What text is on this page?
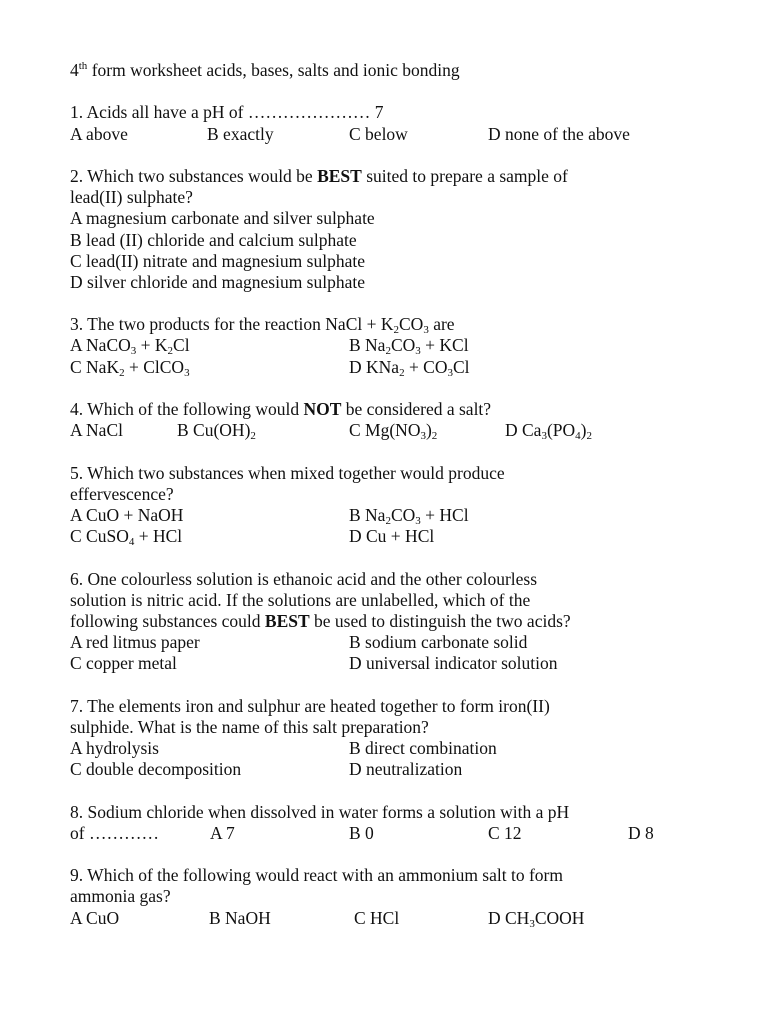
4th form worksheet acids, bases, salts and ionic bonding
1. Acids all have a pH of ………………… 7
A above	B exactly	C below	D none of the above
2. Which two substances would be BEST suited to prepare a sample of
lead(II) sulphate?
A magnesium carbonate and silver sulphate
B lead (II) chloride and calcium sulphate
C lead(II) nitrate and magnesium sulphate
D silver chloride and magnesium sulphate
3. The two products for the reaction NaCl + $K_2CO_3$ are
A NaCO$_3$ + $K_2Cl$	B $Na_2CO_3$ + KCl
C NaK$_2$ + ClCO$_3$	D $KNa_2 + CO_3Cl$
4. Which of the following would NOT be considered a salt?
A NaCl	B $Cu(OH)_2$	C $Mg(NO_3)_2$	D $Ca_3(PO_4)_2$
5. Which two substances when mixed together would produce
effervescence?
A CuO + NaOH	B $Na_2CO_3$ + HCl
C CuSO$_4$ + HCl	D Cu + HCl
6. One colourless solution is ethanoic acid and the other colourless
solution is nitric acid. If the solutions are unlabelled, which of the
following substances could BEST be used to distinguish the two acids?
A red litmus paper	B sodium carbonate solid
C copper metal	D universal indicator solution
7. The elements iron and sulphur are heated together to form iron(II)
sulphide. What is the name of this salt preparation?
A hydrolysis	B direct combination
C double decomposition	D neutralization
8. Sodium chloride when dissolved in water forms a solution with a pH
of …………	A 7	B 0	C 12	D 8
9. Which of the following would react with an ammonium salt to form
ammonia gas?
A CuO	B NaOH	C HCl	D $CH_3COOH$
